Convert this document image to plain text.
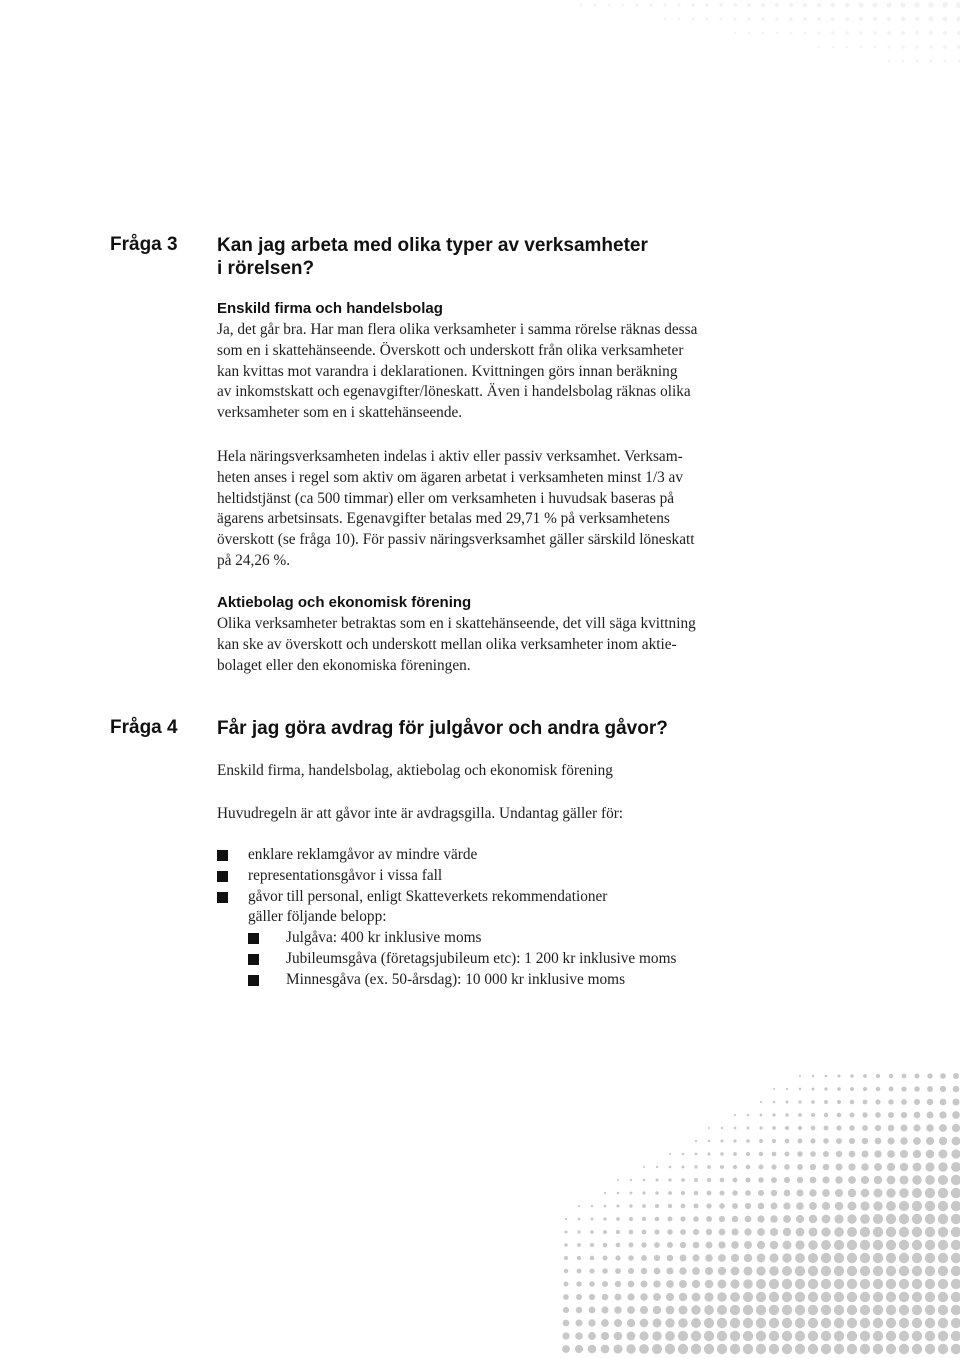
Fråga 3 Kan jag arbeta med olika typer av verksamheter
i rörelsen?
Enskild firma och handelsbolag
Ja, det går bra. Har man flera olika verksamheter i samma rörelse räknas dessa
som en i skattehänseende. Överskott och underskott från olika verksamheter
kan kvittas mot varandra i deklarationen. Kvittningen görs innan beräkning
av inkomstskatt och egenavgifter/löneskatt. Även i handelsbolag räknas olika
verksamheter som en i skattehänseende.
Hela näringsverksamheten indelas i aktiv eller passiv verksamhet. Verksam-
heten anses i regel som aktiv om ägaren arbetat i verksamheten minst 1/3 av
heltidstjänst (ca 500 timmar) eller om verksamheten i huvudsak baseras på
ägarens arbetsinsats. Egenavgifter betalas med 29,71 % på verksamhetens
överskott (se fråga 10). För passiv näringsverksamhet gäller särskild löneskatt
på 24,26 %.
Aktiebolag och ekonomisk förening
Olika verksamheter betraktas som en i skattehänseende, det vill säga kvittning
kan ske av överskott och underskott mellan olika verksamheter inom aktie-
bolaget eller den ekonomiska föreningen.
Fråga 4 Får jag göra avdrag för julgåvor och andra gåvor?
Enskild firma, handelsbolag, aktiebolag och ekonomisk förening
Huvudregeln är att gåvor inte är avdragsgilla. Undantag gäller för:
enklare reklamgåvor av mindre värde
representationsgåvor i vissa fall
gåvor till personal, enligt Skatteverkets rekommendationer
gäller följande belopp:
Julgåva: 400 kr inklusive moms
Jubileumsgåva (företagsjubileum etc): 1 200 kr inklusive moms
Minnesgåva (ex. 50-årsdag): 10 000 kr inklusive moms
